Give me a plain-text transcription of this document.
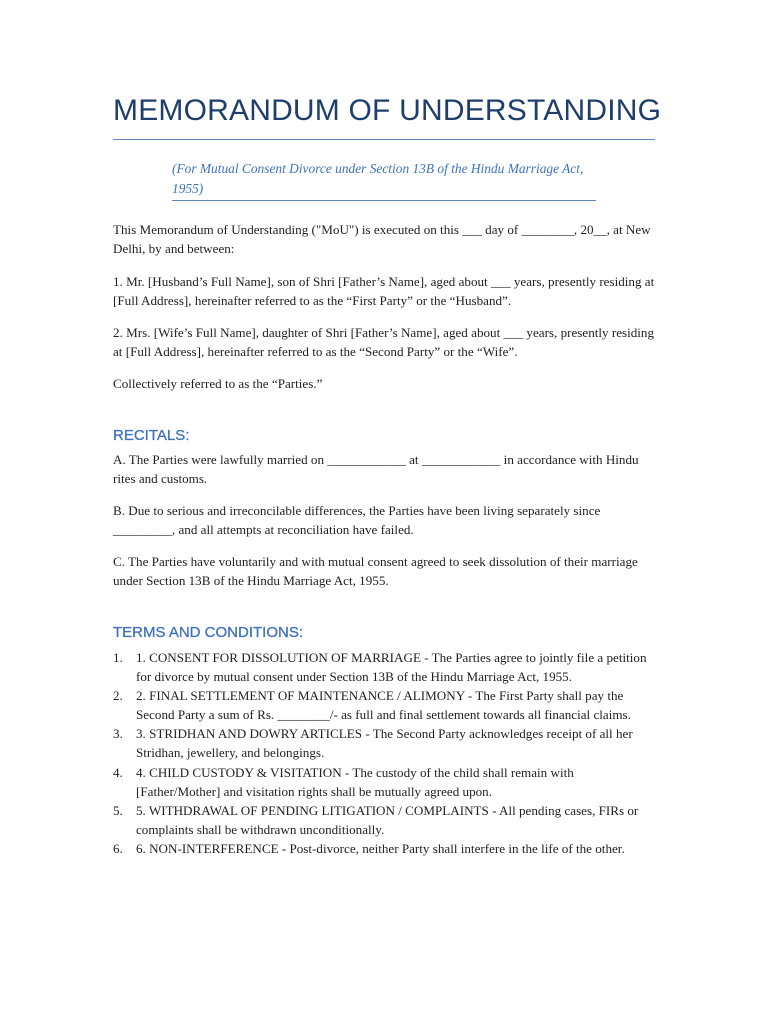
MEMORANDUM OF UNDERSTANDING
(For Mutual Consent Divorce under Section 13B of the Hindu Marriage Act, 1955)

This Memorandum of Understanding ("MoU") is executed on this ___ day of ________, 20__, at New Delhi, by and between:

1. Mr. [Husband’s Full Name], son of Shri [Father’s Name], aged about ___ years, presently residing at [Full Address], hereinafter referred to as the “First Party” or the “Husband”.

2. Mrs. [Wife’s Full Name], daughter of Shri [Father’s Name], aged about ___ years, presently residing at [Full Address], hereinafter referred to as the “Second Party” or the “Wife”.

Collectively referred to as the “Parties.”

RECITALS:

A. The Parties were lawfully married on ____________ at ____________ in accordance with Hindu rites and customs.

B. Due to serious and irreconcilable differences, the Parties have been living separately since _________, and all attempts at reconciliation have failed.

C. The Parties have voluntarily and with mutual consent agreed to seek dissolution of their marriage under Section 13B of the Hindu Marriage Act, 1955.

TERMS AND CONDITIONS:
1. 1. CONSENT FOR DISSOLUTION OF MARRIAGE - The Parties agree to jointly file a petition for divorce by mutual consent under Section 13B of the Hindu Marriage Act, 1955.
2. 2. FINAL SETTLEMENT OF MAINTENANCE / ALIMONY - The First Party shall pay the Second Party a sum of Rs. ________/- as full and final settlement towards all financial claims.
3. 3. STRIDHAN AND DOWRY ARTICLES - The Second Party acknowledges receipt of all her Stridhan, jewellery, and belongings.
4. 4. CHILD CUSTODY & VISITATION - The custody of the child shall remain with [Father/Mother] and visitation rights shall be mutually agreed upon.
5. 5. WITHDRAWAL OF PENDING LITIGATION / COMPLAINTS - All pending cases, FIRs or complaints shall be withdrawn unconditionally.
6. 6. NON-INTERFERENCE - Post-divorce, neither Party shall interfere in the life of the other.
